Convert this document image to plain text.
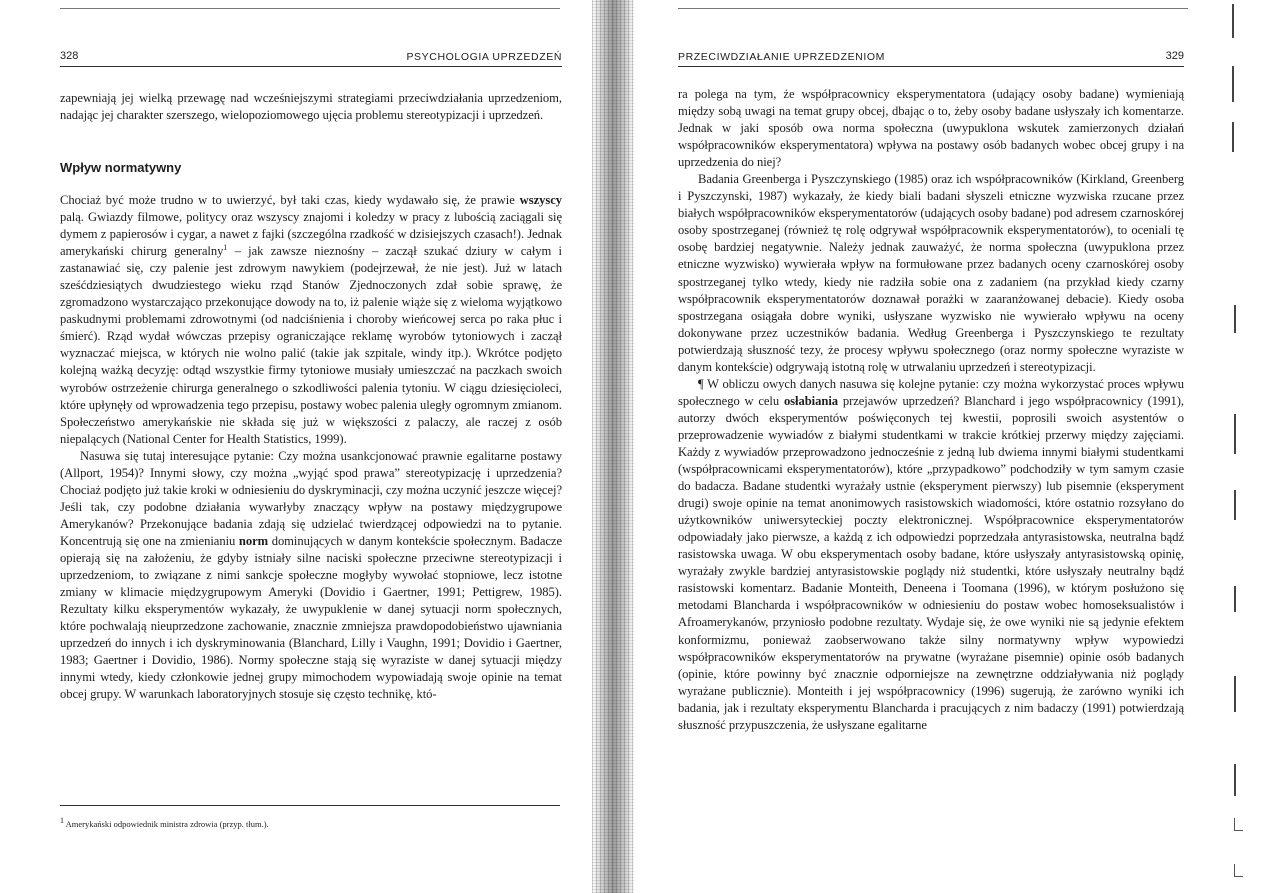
328	PSYCHOLOGIA UPRZEDZEŃ

zapewniają jej wielką przewagę nad wcześniejszymi strategiami przeciwdziałania uprzedzeniom, nadając jej charakter szerszego, wielopoziomowego ujęcia problemu stereotypizacji i uprzedzeń.

Wpływ normatywny

Chociaż być może trudno w to uwierzyć, był taki czas, kiedy wydawało się, że prawie wszyscy palą. Gwiazdy filmowe, politycy oraz wszyscy znajomi i koledzy w pracy z lubością zaciągali się dymem z papierosów i cygar, a nawet z fajki (szczególna rzadkość w dzisiejszych czasach!). Jednak amerykański chirurg generalny$^1$ – jak zawsze nieznośny – zaczął szukać dziury w całym i zastanawiać się, czy palenie jest zdrowym nawykiem (podejrzewał, że nie jest). Już w latach sześćdziesiątych dwudziestego wieku rząd Stanów Zjednoczonych zdał sobie sprawę, że zgromadzono wystarczająco przekonujące dowody na to, iż palenie wiąże się z wieloma wyjątkowo paskudnymi problemami zdrowotnymi (od nadciśnienia i choroby wieńcowej serca po raka płuc i śmierć). Rząd wydał wówczas przepisy ograniczające reklamę wyrobów tytoniowych i zaczął wyznaczać miejsca, w których nie wolno palić (takie jak szpitale, windy itp.). Wkrótce podjęto kolejną ważką decyzję: odtąd wszystkie firmy tytoniowe musiały umieszczać na paczkach swoich wyrobów ostrzeżenie chirurga generalnego o szkodliwości palenia tytoniu. W ciągu dziesięciolecі, które upłynęły od wprowadzenia tego przepisu, postawy wobec palenia uległy ogromnym zmianom. Społeczeństwo amerykańskie nie składa się już w większości z palaczy, ale raczej z osób niepalących (National Center for Health Statistics, 1999).

Nasuwa się tutaj interesujące pytanie: Czy można usankcjonować prawnie egalitarne postawy (Allport, 1954)? Innymi słowy, czy można „wyjąć spod prawa” stereotypizację i uprzedzenia? Chociaż podjęto już takie kroki w odniesieniu do dyskryminacji, czy można uczynić jeszcze więcej? Jeśli tak, czy podobne działania wywarłyby znaczący wpływ na postawy międzygrupowe Amerykanów? Przekonujące badania zdają się udzielać twierdzącej odpowiedzi na to pytanie. Koncentrują się one na zmienianiu norm dominujących w danym kontekście społecznym. Badacze opierają się na założeniu, że gdyby istniały silne naciski społeczne przeciwne stereotypizacji i uprzedzeniom, to związane z nimi sankcje społeczne mogłyby wywołać stopniowe, lecz istotne zmiany w klimacie międzygrupowym Ameryki (Dovidio i Gaertner, 1991; Pettigrew, 1985). Rezultaty kilku eksperymentów wykazały, że uwypuklenie w danej sytuacji norm społecznych, które pochwalają nieuprzedzone zachowanie, znacznie zmniejsza prawdopodobieństwo ujawniania uprzedzeń do innych i ich dyskryminowania (Blanchard, Lilly i Vaughn, 1991; Dovidio i Gaertner, 1983; Gaertner i Dovidio, 1986). Normy społeczne stają się wyraziste w danej sytuacji między innymi wtedy, kiedy członkowie jednej grupy mimochodem wypowiadają swoje opinie na temat obcej grupy. W warunkach laboratoryjnych stosuje się często technikę, któ-

$^1$ Amerykański odpowiednik ministra zdrowia (przyp. tłum.).
PRZECIWDZIAŁANIE UPRZEDZENIOM	329

ra polega na tym, że współpracownicy eksperymentatora (udający osoby badane) wymieniają między sobą uwagi na temat grupy obcej, dbając o to, żeby osoby badane usłyszały ich komentarze. Jednak w jaki sposób owa norma społeczna (uwypuklona wskutek zamierzonych działań współpracowników eksperymentatora) wpływa na postawy osób badanych wobec obcej grupy i na uprzedzenia do niej?

Badania Greenberga i Pyszczynskiego (1985) oraz ich współpracowników (Kirkland, Greenberg i Pyszczynski, 1987) wykazały, że kiedy biali badani słyszeli etniczne wyzwiska rzucane przez białych współpracowników eksperymentatorów (udających osoby badane) pod adresem czarnoskórej osoby spostrzeganej (również tę rolę odgrywał współpracownik eksperymentatorów), to oceniali tę osobę bardziej negatywnie. Należy jednak zauważyć, że norma społeczna (uwypuklona przez etniczne wyzwisko) wywierała wpływ na formułowane przez badanych oceny czarnoskórej osoby spostrzeganej tylko wtedy, kiedy nie radziła sobie ona z zadaniem (na przykład kiedy czarny współpracownik eksperymentatorów doznawał porażki w zaaranżowanej debacie). Kiedy osoba spostrzegana osiągała dobre wyniki, usłyszane wyzwisko nie wywierało wpływu na oceny dokonywane przez uczestników badania. Według Greenberga i Pyszczynskiego te rezultaty potwierdzają słuszność tezy, że procesy wpływu społecznego (oraz normy społeczne wyraziste w danym kontekście) odgrywają istotną rolę w utrwalaniu uprzedzeń i stereotypizacji.

¶ W obliczu owych danych nasuwa się kolejne pytanie: czy można wykorzystać proces wpływu społecznego w celu osłabiania przejawów uprzedzeń? Blanchard i jego współpracownicy (1991), autorzy dwóch eksperymentów poświęconych tej kwestii, poprosili swoich asystentów o przeprowadzenie wywiadów z białymi studentkami w trakcie krótkiej przerwy między zajęciami. Każdy z wywiadów przeprowadzono jednocześnie z jedną lub dwiema innymi białymi studentkami (współpracownicami eksperymentatorów), które „przypadkowo” podchodziły w tym samym czasie do badacza. Badane studentki wyrażały ustnie (eksperyment pierwszy) lub pisemnie (eksperyment drugi) swoje opinie na temat anonimowych rasistowskich wiadomości, które ostatnio rozsyłano do użytkowników uniwersyteckiej poczty elektronicznej. Współpracownice eksperymentatorów odpowiadały jako pierwsze, a każdą z ich odpowiedzi poprzedzała antyrasistowska, neutralna bądź rasistowska uwaga. W obu eksperymentach osoby badane, które usłyszały antyrasistowską opinię, wyrażały zwykle bardziej antyrasistowskie poglądy niż studentki, które usłyszały neutralny bądź rasistowski komentarz. Badanie Monteith, Deneena i Toomana (1996), w którym posłużono się metodami Blancharda i współpracowników w odniesieniu do postaw wobec homoseksualistów i Afroamerykanów, przyniosło podobne rezultaty. Wydaje się, że owe wyniki nie są jedynie efektem konformizmu, ponieważ zaobserwowano także silny normatywny wpływ wypowiedzi współpracowników eksperymentatorów na prywatne (wyrażane pisemnie) opinie osób badanych (opinie, które powinny być znacznie odporniejsze na zewnętrzne oddziaływania niż poglądy wyrażane publicznie). Monteith i jej współpracownicy (1996) sugerują, że zarówno wyniki ich badania, jak i rezultaty eksperymentu Blancharda i pracujących z nim badaczy (1991) potwierdzają słuszność przypuszczenia, że usłyszane egalitarne
